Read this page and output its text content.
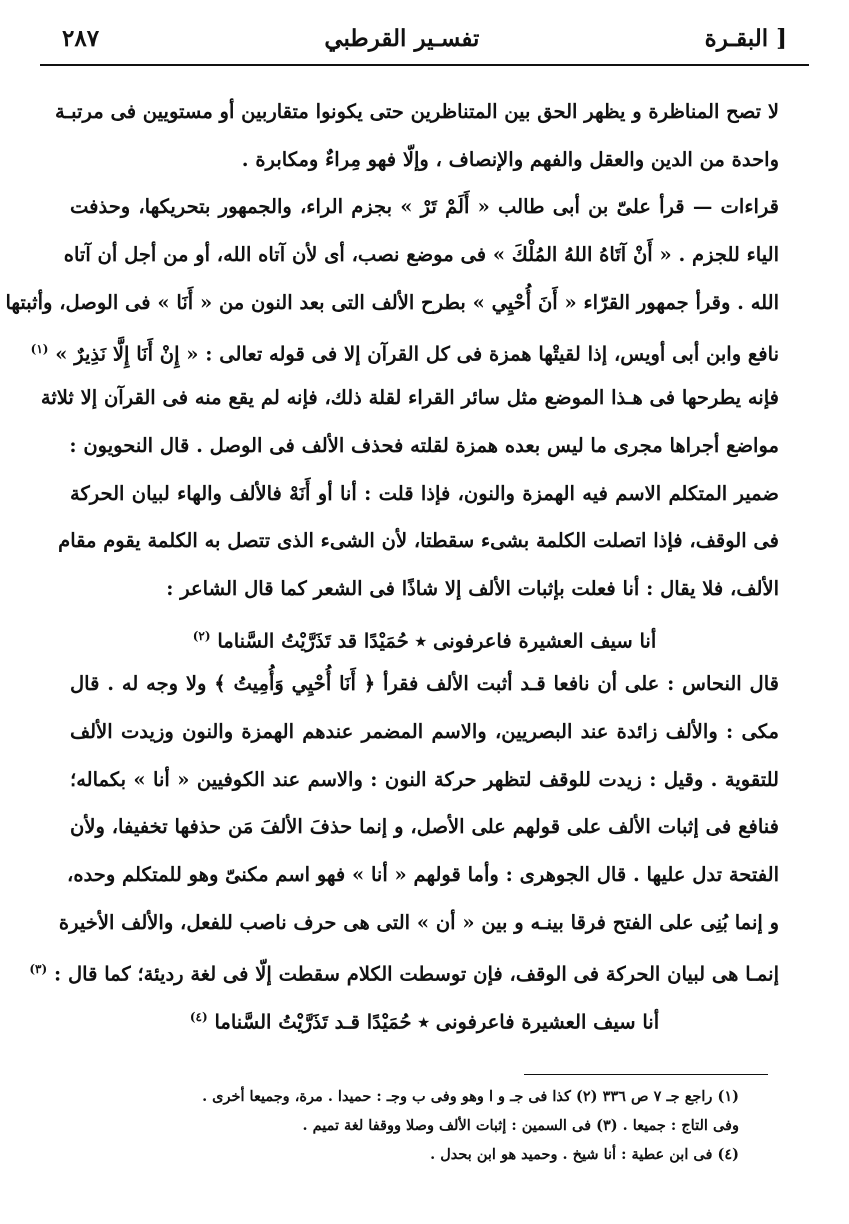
٢٨٧	تفسـير القرطبي	البقـرة ]
لا تصح المناظرة و يظهر الحق بين المتناظرين حتى يكونوا متقاربين أو مستويين فى مرتبـة
واحدة من الدين والعقل والفهم والإنصاف ، وإلّا فهو مِراءٌ ومكابرة .
قراءات — قرأ علىّ بن أبى طالب « أَلَمْ تَرْ » بجزم الراء، والجمهور بتحريكها، وحذفت
الياء للجزم . « أَنْ آتَاهُ اللهُ المُلْكَ » فى موضع نصب، أى لأن آتاه الله، أو من أجل أن آتاه
الله . وقرأ جمهور القرّاء « أَنَ أُحْيِي » بطرح الألف التى بعد النون من « أَنَا » فى الوصل، وأثبتها
نافع وابن أبى أويس، إذا لقيتْها همزة فى كل القرآن إلا فى قوله تعالى : « إِنْ أَنَا إِلَّا نَذِيرٌ » $^{(١)}$
فإنه يطرحها فى هـذا الموضع مثل سائر القراء لقلة ذلك، فإنه لم يقع منه فى القرآن إلا ثلاثة
مواضع أجراها مجرى ما ليس بعده همزة لقلته فحذف الألف فى الوصل . قال النحويون :
ضمير المتكلم الاسم فيه الهمزة والنون، فإذا قلت : أنا أو أَنَهْ فالألف والهاء لبيان الحركة
فى الوقف، فإذا اتصلت الكلمة بشىء سقطتا، لأن الشىء الذى تتصل به الكلمة يقوم مقام
الألف، فلا يقال : أنا فعلت بإثبات الألف إلا شاذًا فى الشعر كما قال الشاعر :
أنا سيف العشيرة فاعرفونى ٭ حُمَيْدًا قد تَذَرَّيْتُ السَّناما $^{(٢)}$
قال النحاس : على أن نافعا قـد أثبت الألف فقرأ ﴿ أَنَا أُحْيِي وَأُمِيتُ ﴾ ولا وجه له . قال
مكى : والألف زائدة عند البصريين، والاسم المضمر عندهم الهمزة والنون وزيدت الألف
للتقوية . وقيل : زيدت للوقف لتظهر حركة النون : والاسم عند الكوفيين « أنا » بكماله؛
فنافع فى إثبات الألف على قولهم على الأصل، و إنما حذفَ الألفَ مَن حذفها تخفيفا، ولأن
الفتحة تدل عليها . قال الجوهرى : وأما قولهم « أنا » فهو اسم مكنىّ وهو للمتكلم وحده،
و إنما بُنِى على الفتح فرقا بينـه و بين « أن » التى هى حرف ناصب للفعل، والألف الأخيرة
إنمـا هى لبيان الحركة فى الوقف، فإن توسطت الكلام سقطت إلّا فى لغة رديئة؛ كما قال : $^{(٣)}$
أنا سيف العشيرة فاعرفونى ٭ حُمَيْدًا قـد تَذَرَّيْتُ السَّناما $^{(٤)}$
(١) راجع جـ ٧ ص ٣٣٦ (٢) كذا فى جـ و ا وهو وفى ب وجـ : حميدا . مرة، وجميعا أخرى .
وفى التاج : جميعا . (٣) فى السمين : إثبات الألف وصلا ووقفا لغة تميم .
(٤) فى ابن عطية : أنا شيخ . وحميد هو ابن بحدل .
